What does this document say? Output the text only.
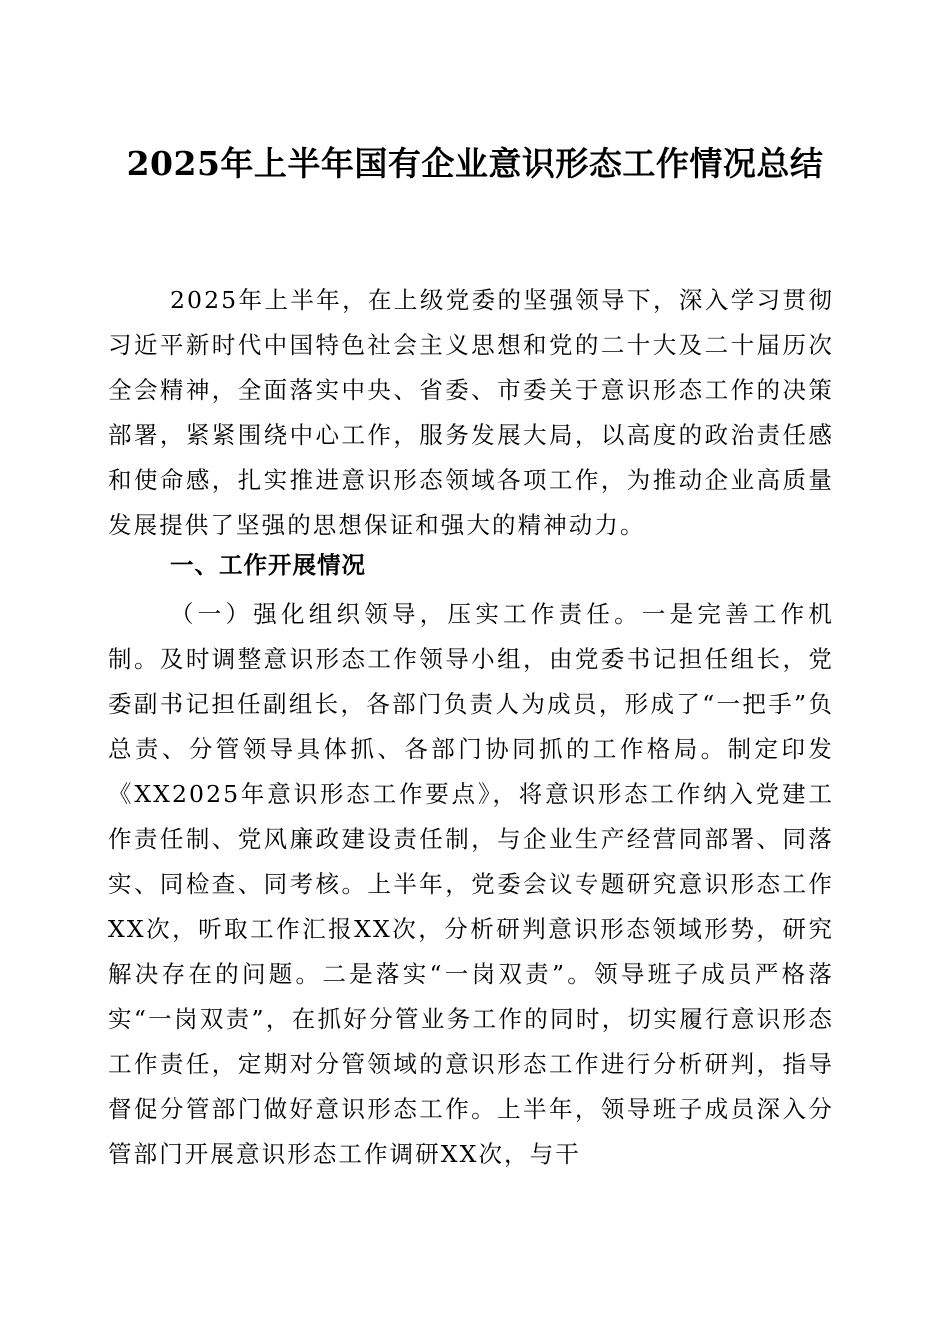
2025年上半年国有企业意识形态工作情况总结

2025年上半年，在上级党委的坚强领导下，深入学习贯彻习近平新时代中国特色社会主义思想和党的二十大及二十届历次全会精神，全面落实中央、省委、市委关于意识形态工作的决策部署，紧紧围绕中心工作，服务发展大局，以高度的政治责任感和使命感，扎实推进意识形态领域各项工作，为推动企业高质量发展提供了坚强的思想保证和强大的精神动力。

一、工作开展情况

（一）强化组织领导，压实工作责任。一是完善工作机制。及时调整意识形态工作领导小组，由党委书记担任组长，党委副书记担任副组长，各部门负责人为成员，形成了“一把手”负总责、分管领导具体抓、各部门协同抓的工作格局。制定印发《XX2025年意识形态工作要点》，将意识形态工作纳入党建工作责任制、党风廉政建设责任制，与企业生产经营同部署、同落实、同检查、同考核。上半年，党委会议专题研究意识形态工作XX次，听取工作汇报XX次，分析研判意识形态领域形势，研究解决存在的问题。二是落实“一岗双责”。领导班子成员严格落实“一岗双责”，在抓好分管业务工作的同时，切实履行意识形态工作责任，定期对分管领域的意识形态工作进行分析研判，指导督促分管部门做好意识形态工作。上半年，领导班子成员深入分管部门开展意识形态工作调研XX次，与干
